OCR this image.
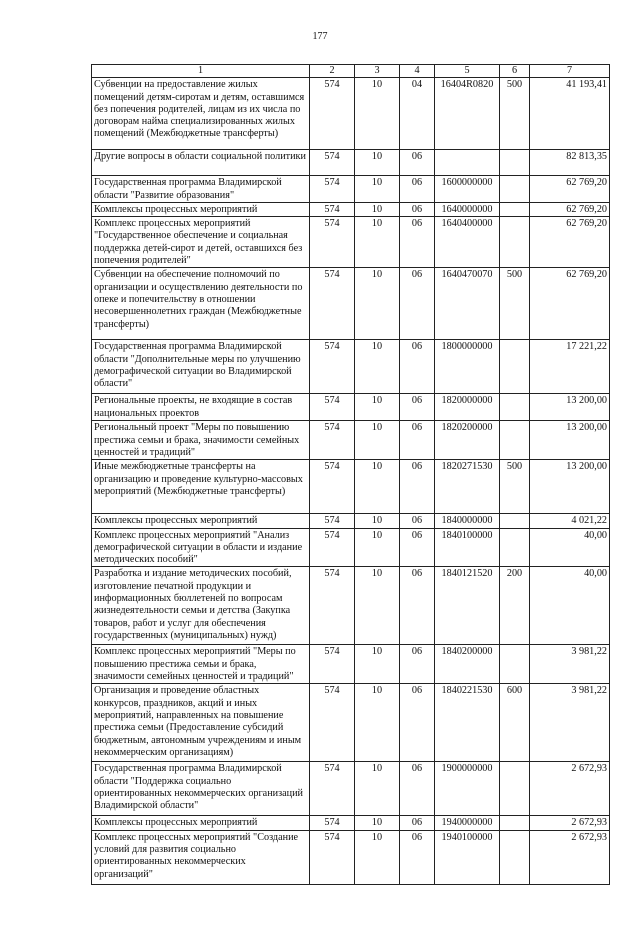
177
1	2	3	4	5	6	7
Субвенции на предоставление жилых помещений детям-сиротам и детям, оставшимся без попечения родителей, лицам из их числа по договорам найма специализированных жилых помещений (Межбюджетные трансферты)	574	10	04	16404R0820	500	41 193,41
Другие вопросы в области социальной политики	574	10	06			82 813,35
Государственная программа Владимирской области "Развитие образования"	574	10	06	1600000000		62 769,20
Комплексы процессных мероприятий	574	10	06	1640000000		62 769,20
Комплекс процессных мероприятий "Государственное обеспечение и социальная поддержка детей-сирот и детей, оставшихся без попечения родителей"	574	10	06	1640400000		62 769,20
Субвенции на обеспечение полномочий по организации и осуществлению деятельности по опеке и попечительству в отношении несовершеннолетних граждан (Межбюджетные трансферты)	574	10	06	1640470070	500	62 769,20
Государственная программа Владимирской области "Дополнительные меры по улучшению демографической ситуации во Владимирской области"	574	10	06	1800000000		17 221,22
Региональные проекты, не входящие в состав национальных проектов	574	10	06	1820000000		13 200,00
Региональный проект "Меры по повышению престижа семьи и брака, значимости семейных ценностей и традиций"	574	10	06	1820200000		13 200,00
Иные межбюджетные трансферты на организацию и проведение культурно-массовых мероприятий (Межбюджетные трансферты)	574	10	06	1820271530	500	13 200,00
Комплексы процессных мероприятий	574	10	06	1840000000		4 021,22
Комплекс процессных мероприятий "Анализ демографической ситуации в области и издание методических пособий"	574	10	06	1840100000		40,00
Разработка и издание методических пособий, изготовление печатной продукции и информационных бюллетеней по вопросам жизнедеятельности семьи и детства (Закупка товаров, работ и услуг для обеспечения государственных (муниципальных) нужд)	574	10	06	1840121520	200	40,00
Комплекс процессных мероприятий "Меры по повышению престижа семьи и брака, значимости семейных ценностей и традиций"	574	10	06	1840200000		3 981,22
Организация и проведение областных конкурсов, праздников, акций и иных мероприятий, направленных на повышение престижа семьи (Предоставление субсидий бюджетным, автономным учреждениям и иным некоммерческим организациям)	574	10	06	1840221530	600	3 981,22
Государственная программа Владимирской области "Поддержка социально ориентированных некоммерческих организаций Владимирской области"	574	10	06	1900000000		2 672,93
Комплексы процессных мероприятий	574	10	06	1940000000		2 672,93
Комплекс процессных мероприятий "Создание условий для развития социально ориентированных некоммерческих организаций"	574	10	06	1940100000		2 672,93
